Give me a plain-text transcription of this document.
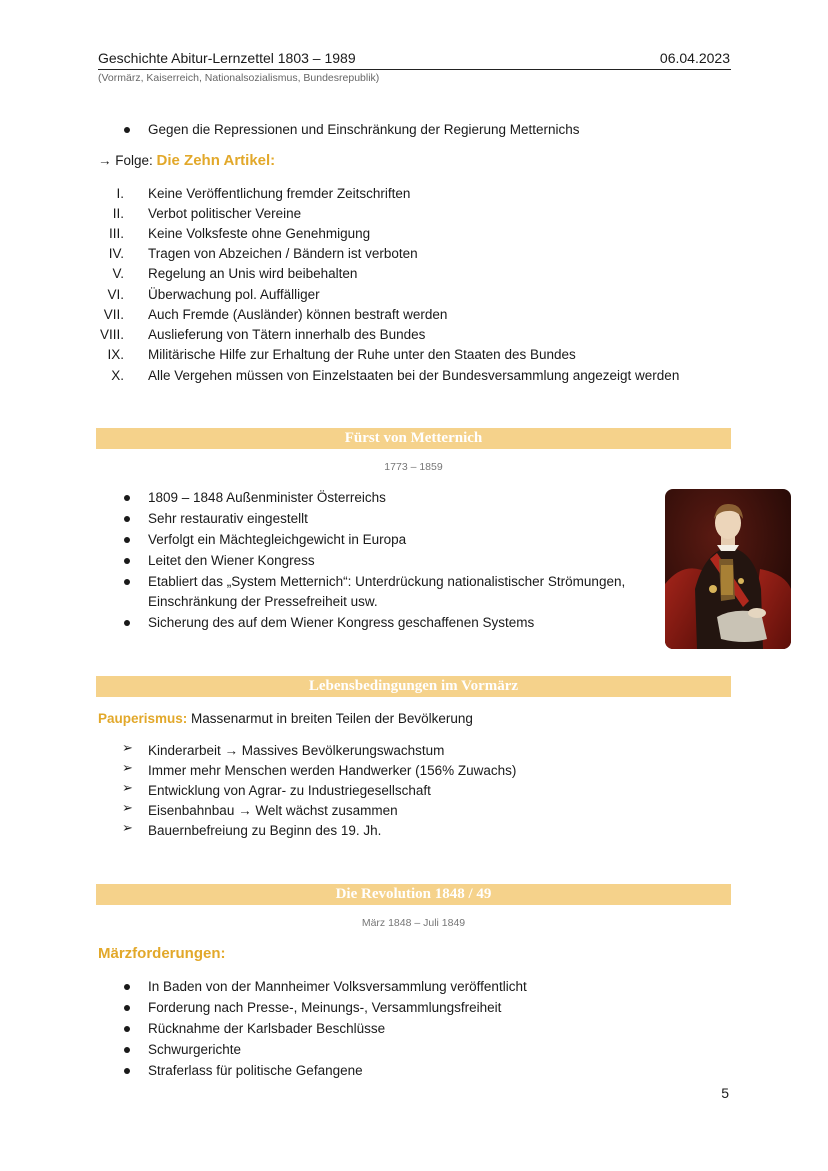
Geschichte Abitur-Lernzettel 1803 – 1989	06.04.2023
(Vormärz, Kaiserreich, Nationalsozialismus, Bundesrepublik)
Gegen die Repressionen und Einschränkung der Regierung Metternichs
→ Folge: Die Zehn Artikel:
I. Keine Veröffentlichung fremder Zeitschriften
II. Verbot politischer Vereine
III. Keine Volksfeste ohne Genehmigung
IV. Tragen von Abzeichen / Bändern ist verboten
V. Regelung an Unis wird beibehalten
VI. Überwachung pol. Auffälliger
VII. Auch Fremde (Ausländer) können bestraft werden
VIII. Auslieferung von Tätern innerhalb des Bundes
IX. Militärische Hilfe zur Erhaltung der Ruhe unter den Staaten des Bundes
X. Alle Vergehen müssen von Einzelstaaten bei der Bundesversammlung angezeigt werden
Fürst von Metternich
1773 – 1859
1809 – 1848 Außenminister Österreichs
Sehr restaurativ eingestellt
Verfolgt ein Mächtegleichgewicht in Europa
Leitet den Wiener Kongress
Etabliert das „System Metternich“: Unterdrückung nationalistischer Strömungen,
Einschränkung der Pressefreiheit usw.
Sicherung des auf dem Wiener Kongress geschaffenen Systems
Lebensbedingungen im Vormärz
Pauperismus: Massenarmut in breiten Teilen der Bevölkerung
➢ Kinderarbeit → Massives Bevölkerungswachstum
➢ Immer mehr Menschen werden Handwerker (156% Zuwachs)
➢ Entwicklung von Agrar- zu Industriegesellschaft
➢ Eisenbahnbau → Welt wächst zusammen
➢ Bauernbefreiung zu Beginn des 19. Jh.
Die Revolution 1848 / 49
März 1848 – Juli 1849
Märzforderungen:
In Baden von der Mannheimer Volksversammlung veröffentlicht
Forderung nach Presse-, Meinungs-, Versammlungsfreiheit
Rücknahme der Karlsbader Beschlüsse
Schwurgerichte
Straferlass für politische Gefangene
5
